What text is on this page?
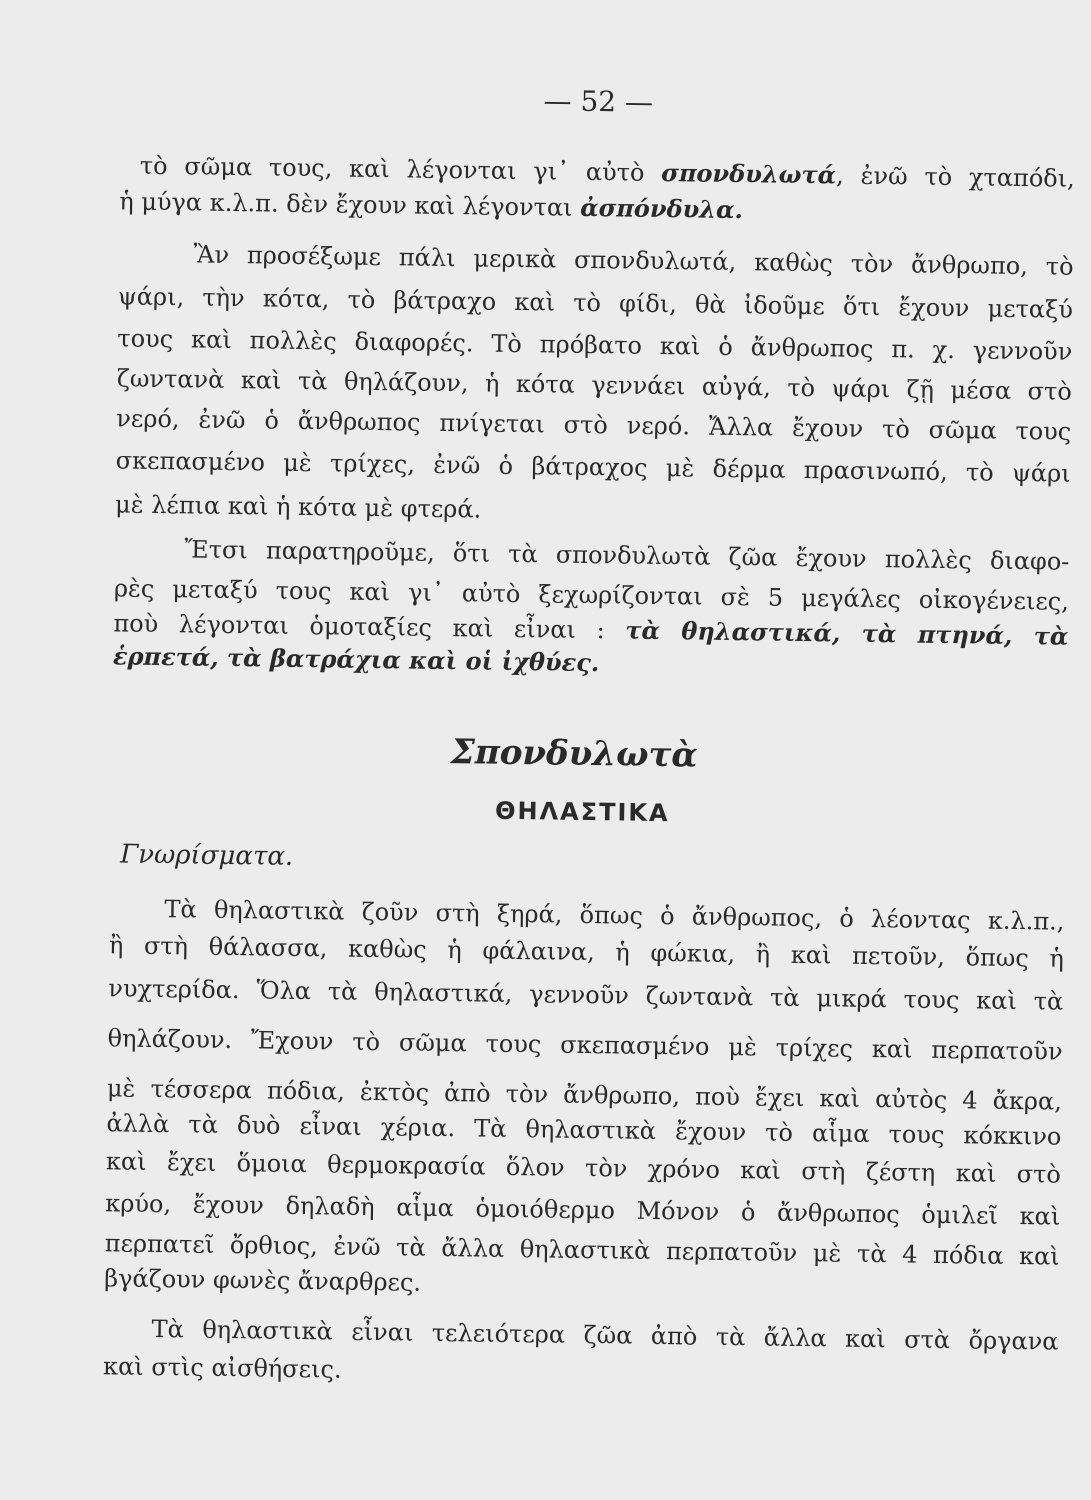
— 52 —
τὸ σῶμα τους, καὶ λέγονται γι᾽ αὐτὸ σπονδυλωτά, ἐνῶ τὸ χταπόδι,
ἡ μύγα κ.λ.π. δὲν ἔχουν καὶ λέγονται ἀσπόνδυλα.
Ἂν προσέξωμε πάλι μερικὰ σπονδυλωτά, καθὼς τὸν ἄνθρωπο, τὸ
ψάρι, τὴν κότα, τὸ βάτραχο καὶ τὸ φίδι, θὰ ἰδοῦμε ὅτι ἔχουν μεταξύ
τους καὶ πολλὲς διαφορές. Τὸ πρόβατο καὶ ὁ ἄνθρωπος π. χ. γεννοῦν
ζωντανὰ καὶ τὰ θηλάζουν, ἡ κότα γεννάει αὐγά, τὸ ψάρι ζῇ μέσα στὸ
νερό, ἐνῶ ὁ ἄνθρωπος πνίγεται στὸ νερό. Ἄλλα ἔχουν τὸ σῶμα τους
σκεπασμένο μὲ τρίχες, ἐνῶ ὁ βάτραχος μὲ δέρμα πρασινωπό, τὸ ψάρι
μὲ λέπια καὶ ἡ κότα μὲ φτερά.
Ἔτσι παρατηροῦμε, ὅτι τὰ σπονδυλωτὰ ζῶα ἔχουν πολλὲς διαφο-
ρὲς μεταξύ τους καὶ γι᾽ αὐτὸ ξεχωρίζονται σὲ 5 μεγάλες οἰκογένειες,
ποὺ λέγονται ὁμοταξίες καὶ εἶναι : τὰ θηλαστικά, τὰ πτηνά, τὰ
ἑρπετά, τὰ βατράχια καὶ οἱ ἰχθύες.
Σπονδυλωτὰ
ΘΗΛΑΣΤΙΚΑ
Γνωρίσματα.
Τὰ θηλαστικὰ ζοῦν στὴ ξηρά, ὅπως ὁ ἄνθρωπος, ὁ λέοντας κ.λ.π.,
ἢ στὴ θάλασσα, καθὼς ἡ φάλαινα, ἡ φώκια, ἢ καὶ πετοῦν, ὅπως ἡ
νυχτερίδα. Ὅλα τὰ θηλαστικά, γεννοῦν ζωντανὰ τὰ μικρά τους καὶ τὰ
θηλάζουν. Ἔχουν τὸ σῶμα τους σκεπασμένο μὲ τρίχες καὶ περπατοῦν
μὲ τέσσερα πόδια, ἐκτὸς ἀπὸ τὸν ἄνθρωπο, ποὺ ἔχει καὶ αὐτὸς 4 ἄκρα,
ἀλλὰ τὰ δυὸ εἶναι χέρια. Τὰ θηλαστικὰ ἔχουν τὸ αἷμα τους κόκκινο
καὶ ἔχει ὅμοια θερμοκρασία ὅλον τὸν χρόνο καὶ στὴ ζέστη καὶ στὸ
κρύο, ἔχουν δηλαδὴ αἷμα ὁμοιόθερμο Μόνον ὁ ἄνθρωπος ὁμιλεῖ καὶ
περπατεῖ ὄρθιος, ἐνῶ τὰ ἄλλα θηλαστικὰ περπατοῦν μὲ τὰ 4 πόδια καὶ
βγάζουν φωνὲς ἄναρθρες.
Τὰ θηλαστικὰ εἶναι τελειότερα ζῶα ἀπὸ τὰ ἄλλα καὶ στὰ ὄργανα
καὶ στὶς αἰσθήσεις.
